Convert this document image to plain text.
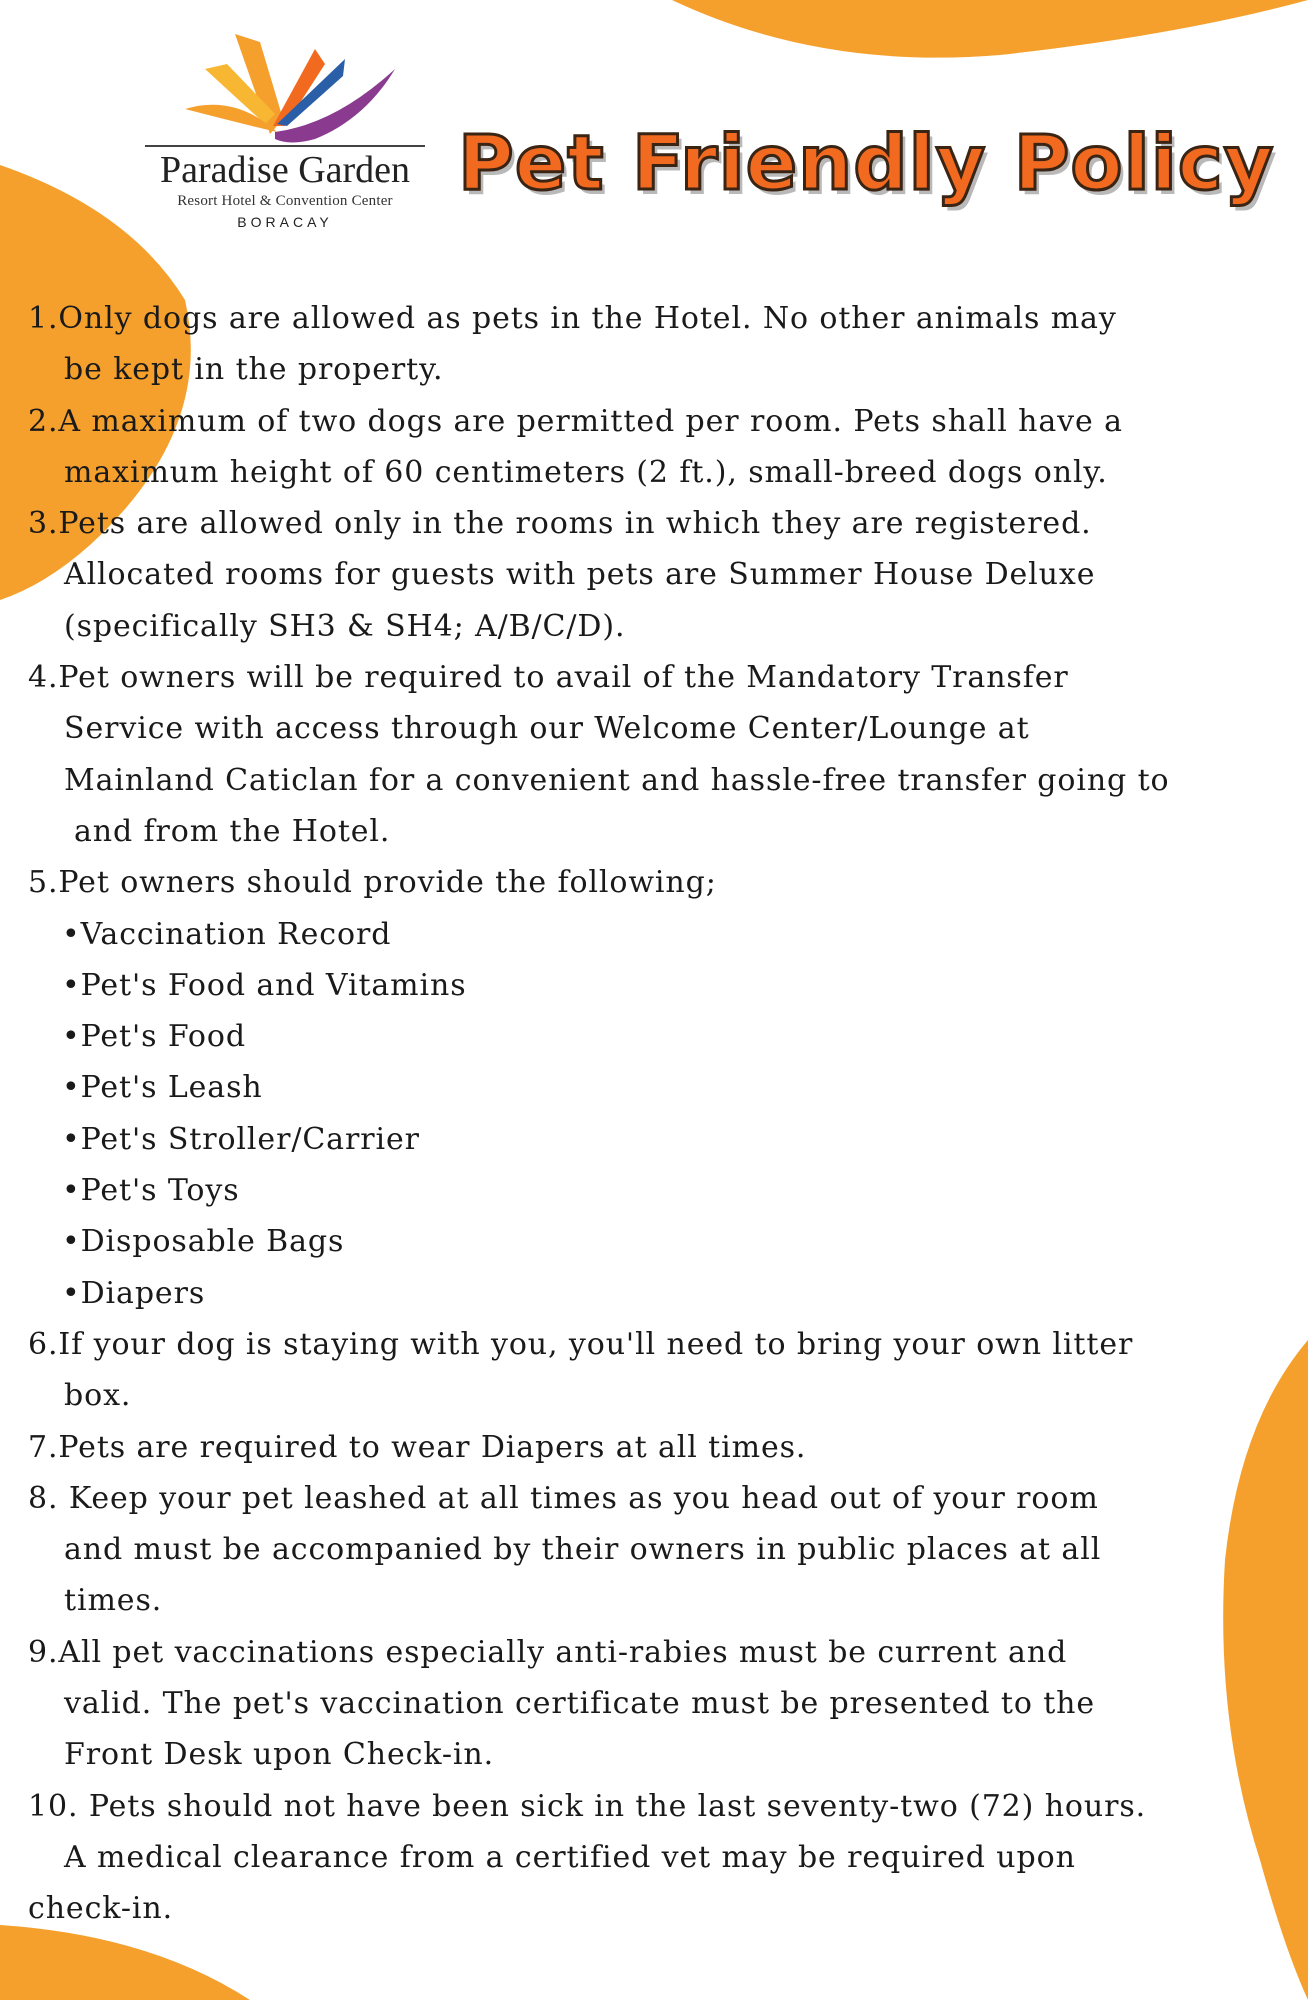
Paradise Garden
Resort Hotel & Convention Center
BORACAY
Pet Friendly Policy
1.Only dogs are allowed as pets in the Hotel. No other animals may
be kept in the property.
2.A maximum of two dogs are permitted per room. Pets shall have a
maximum height of 60 centimeters (2 ft.), small-breed dogs only.
3.Pets are allowed only in the rooms in which they are registered.
Allocated rooms for guests with pets are Summer House Deluxe
(specifically SH3 & SH4; A/B/C/D).
4.Pet owners will be required to avail of the Mandatory Transfer
Service with access through our Welcome Center/Lounge at
Mainland Caticlan for a convenient and hassle-free transfer going to
and from the Hotel.
5.Pet owners should provide the following;
•Vaccination Record
•Pet's Food and Vitamins
•Pet's Food
•Pet's Leash
•Pet's Stroller/Carrier
•Pet's Toys
•Disposable Bags
•Diapers
6.If your dog is staying with you, you'll need to bring your own litter
box.
7.Pets are required to wear Diapers at all times.
8. Keep your pet leashed at all times as you head out of your room
and must be accompanied by their owners in public places at all
times.
9.All pet vaccinations especially anti-rabies must be current and
valid. The pet's vaccination certificate must be presented to the
Front Desk upon Check-in.
10. Pets should not have been sick in the last seventy-two (72) hours.
A medical clearance from a certified vet may be required upon
check-in.
